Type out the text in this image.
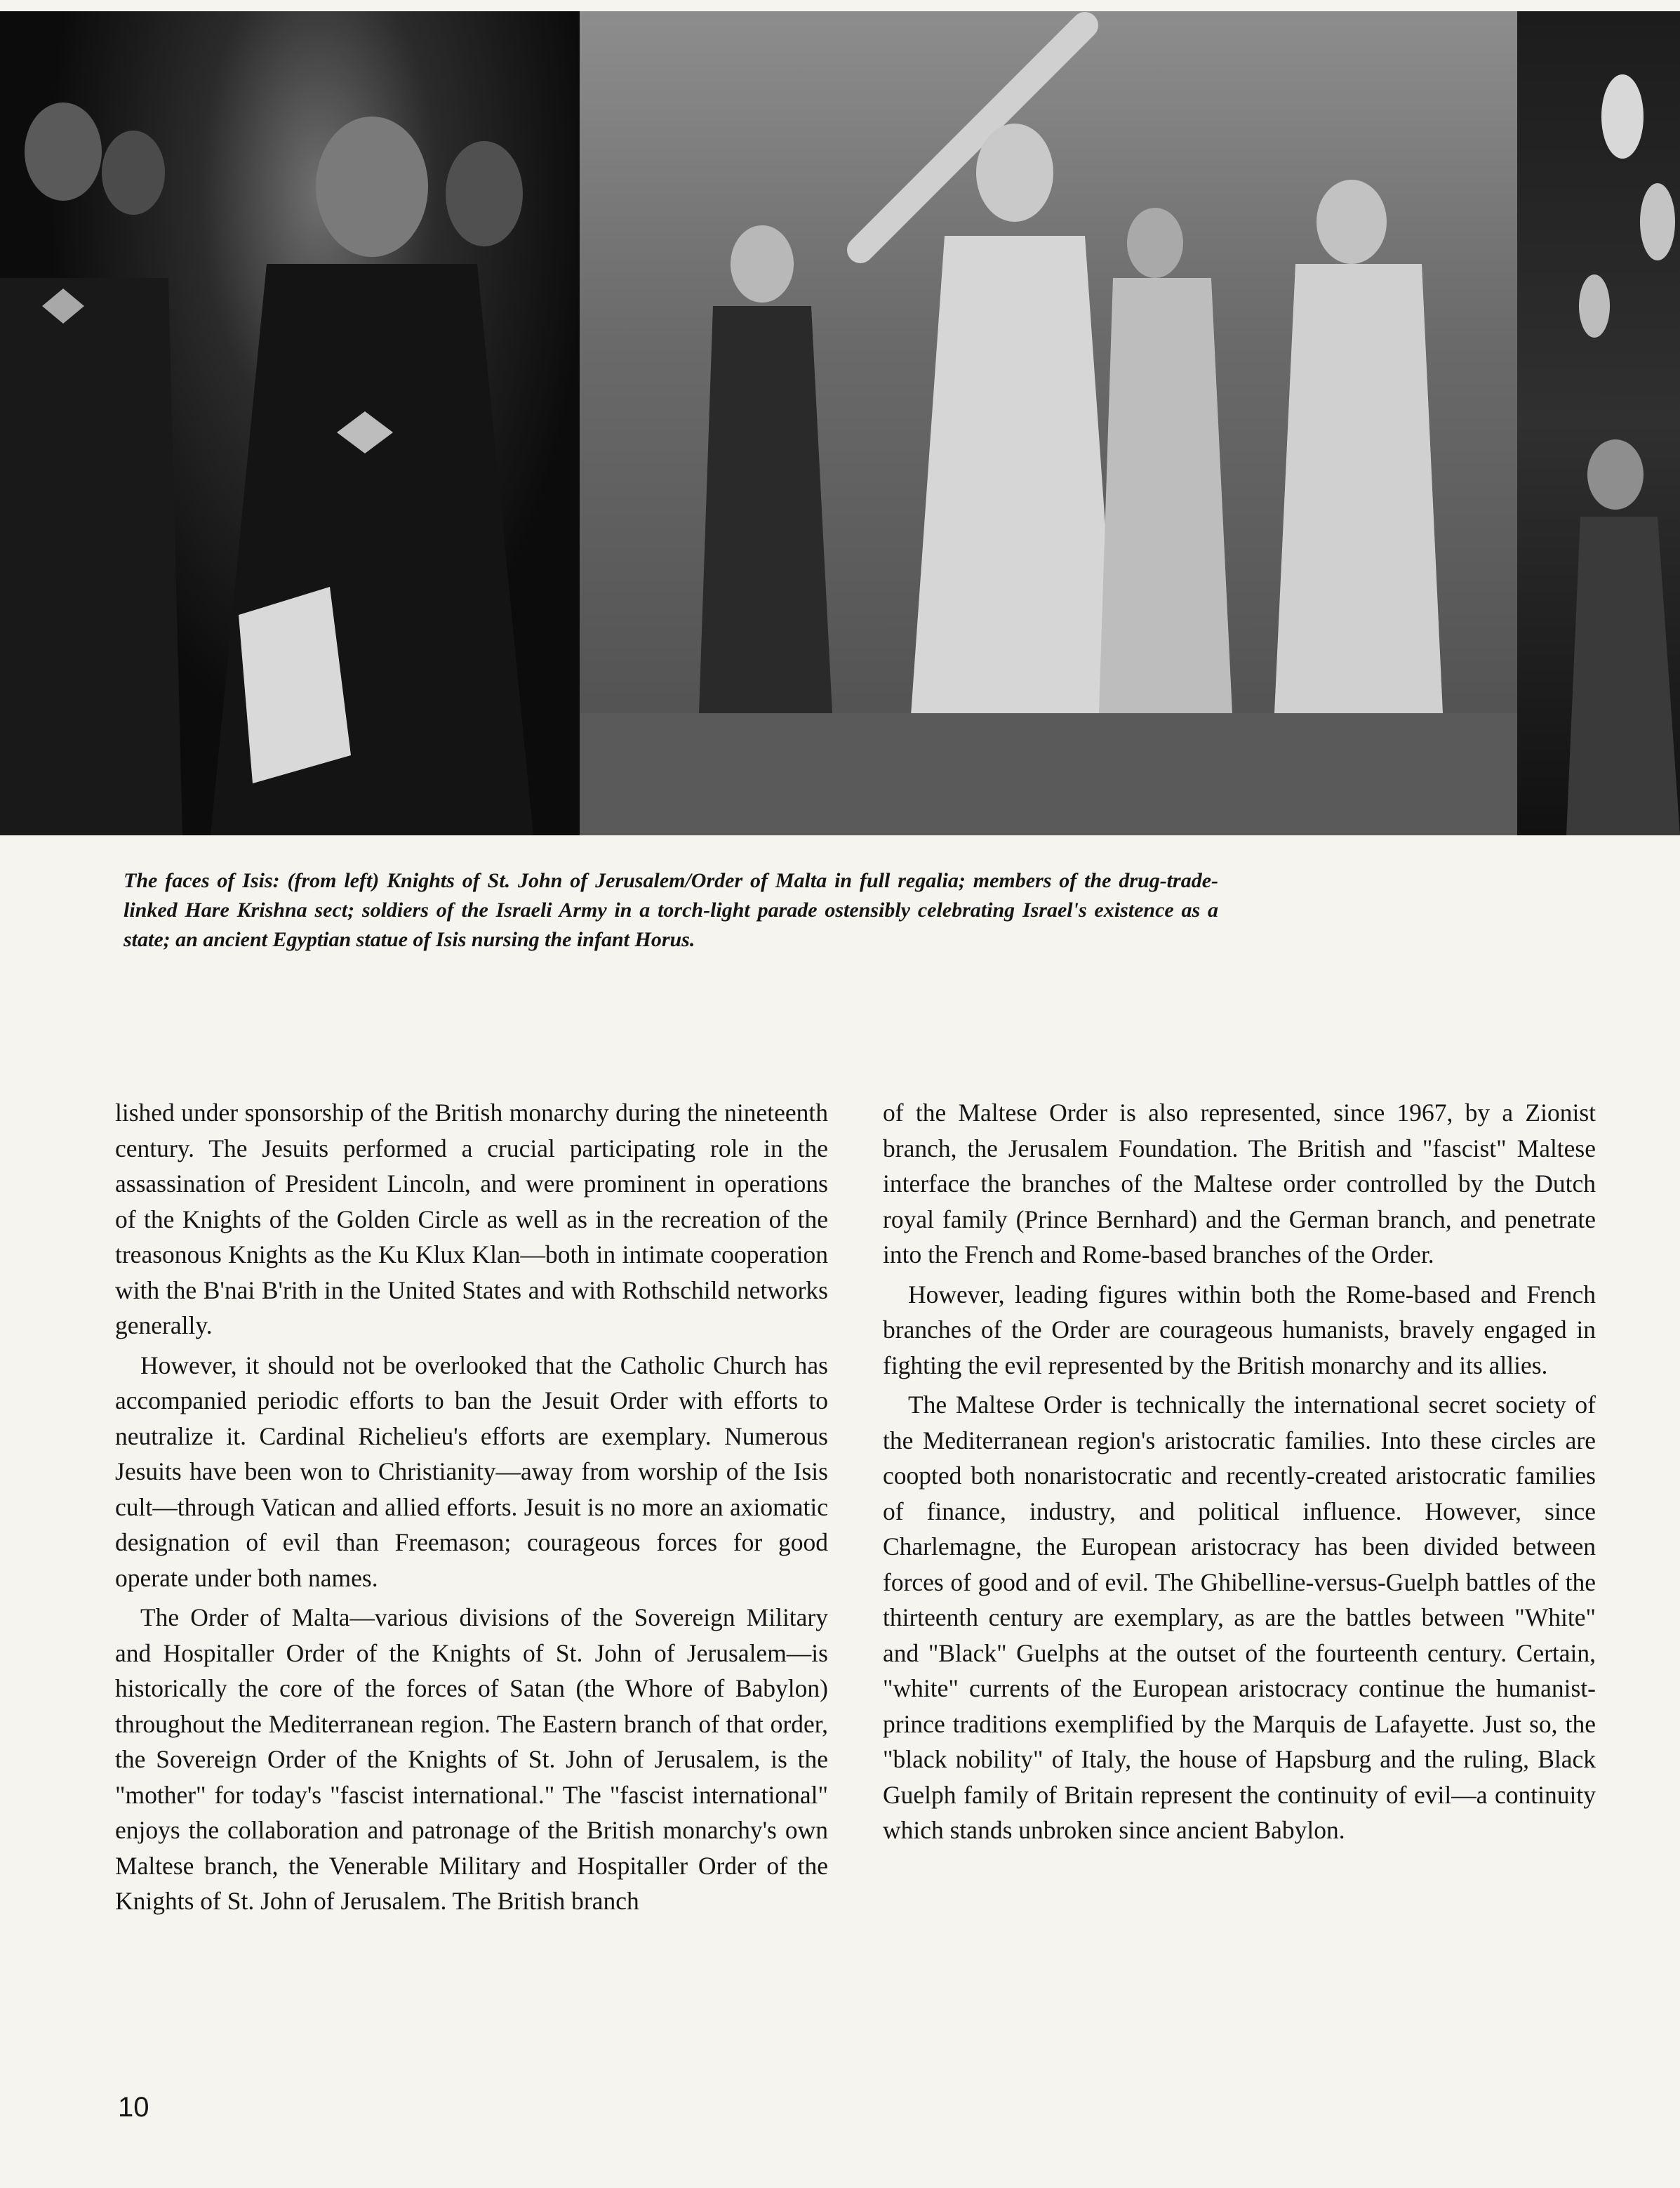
The faces of Isis: (from left) Knights of St. John of Jerusalem/Order of Malta in full regalia; members of the drug-trade-linked Hare Krishna sect; soldiers of the Israeli Army in a torch-light parade ostensibly celebrating Israel's existence as a state; an ancient Egyptian statue of Isis nursing the infant Horus.

lished under sponsorship of the British monarchy during the nineteenth century. The Jesuits performed a crucial participating role in the assassination of President Lincoln, and were prominent in operations of the Knights of the Golden Circle as well as in the recreation of the treasonous Knights as the Ku Klux Klan—both in intimate cooperation with the B'nai B'rith in the United States and with Rothschild networks generally.

However, it should not be overlooked that the Catholic Church has accompanied periodic efforts to ban the Jesuit Order with efforts to neutralize it. Cardinal Richelieu's efforts are exemplary. Numerous Jesuits have been won to Christianity—away from worship of the Isis cult—through Vatican and allied efforts. Jesuit is no more an axiomatic designation of evil than Freemason; courageous forces for good operate under both names.

The Order of Malta—various divisions of the Sovereign Military and Hospitaller Order of the Knights of St. John of Jerusalem—is historically the core of the forces of Satan (the Whore of Babylon) throughout the Mediterranean region. The Eastern branch of that order, the Sovereign Order of the Knights of St. John of Jerusalem, is the "mother" for today's "fascist international." The "fascist international" enjoys the collaboration and patronage of the British monarchy's own Maltese branch, the Venerable Military and Hospitaller Order of the Knights of St. John of Jerusalem. The British branch

of the Maltese Order is also represented, since 1967, by a Zionist branch, the Jerusalem Foundation. The British and "fascist" Maltese interface the branches of the Maltese order controlled by the Dutch royal family (Prince Bernhard) and the German branch, and penetrate into the French and Rome-based branches of the Order.

However, leading figures within both the Rome-based and French branches of the Order are courageous humanists, bravely engaged in fighting the evil represented by the British monarchy and its allies.

The Maltese Order is technically the international secret society of the Mediterranean region's aristocratic families. Into these circles are coopted both nonaristocratic and recently-created aristocratic families of finance, industry, and political influence. However, since Charlemagne, the European aristocracy has been divided between forces of good and of evil. The Ghibelline-versus-Guelph battles of the thirteenth century are exemplary, as are the battles between "White" and "Black" Guelphs at the outset of the fourteenth century. Certain, "white" currents of the European aristocracy continue the humanist-prince traditions exemplified by the Marquis de Lafayette. Just so, the "black nobility" of Italy, the house of Hapsburg and the ruling, Black Guelph family of Britain represent the continuity of evil—a continuity which stands unbroken since ancient Babylon.

10
